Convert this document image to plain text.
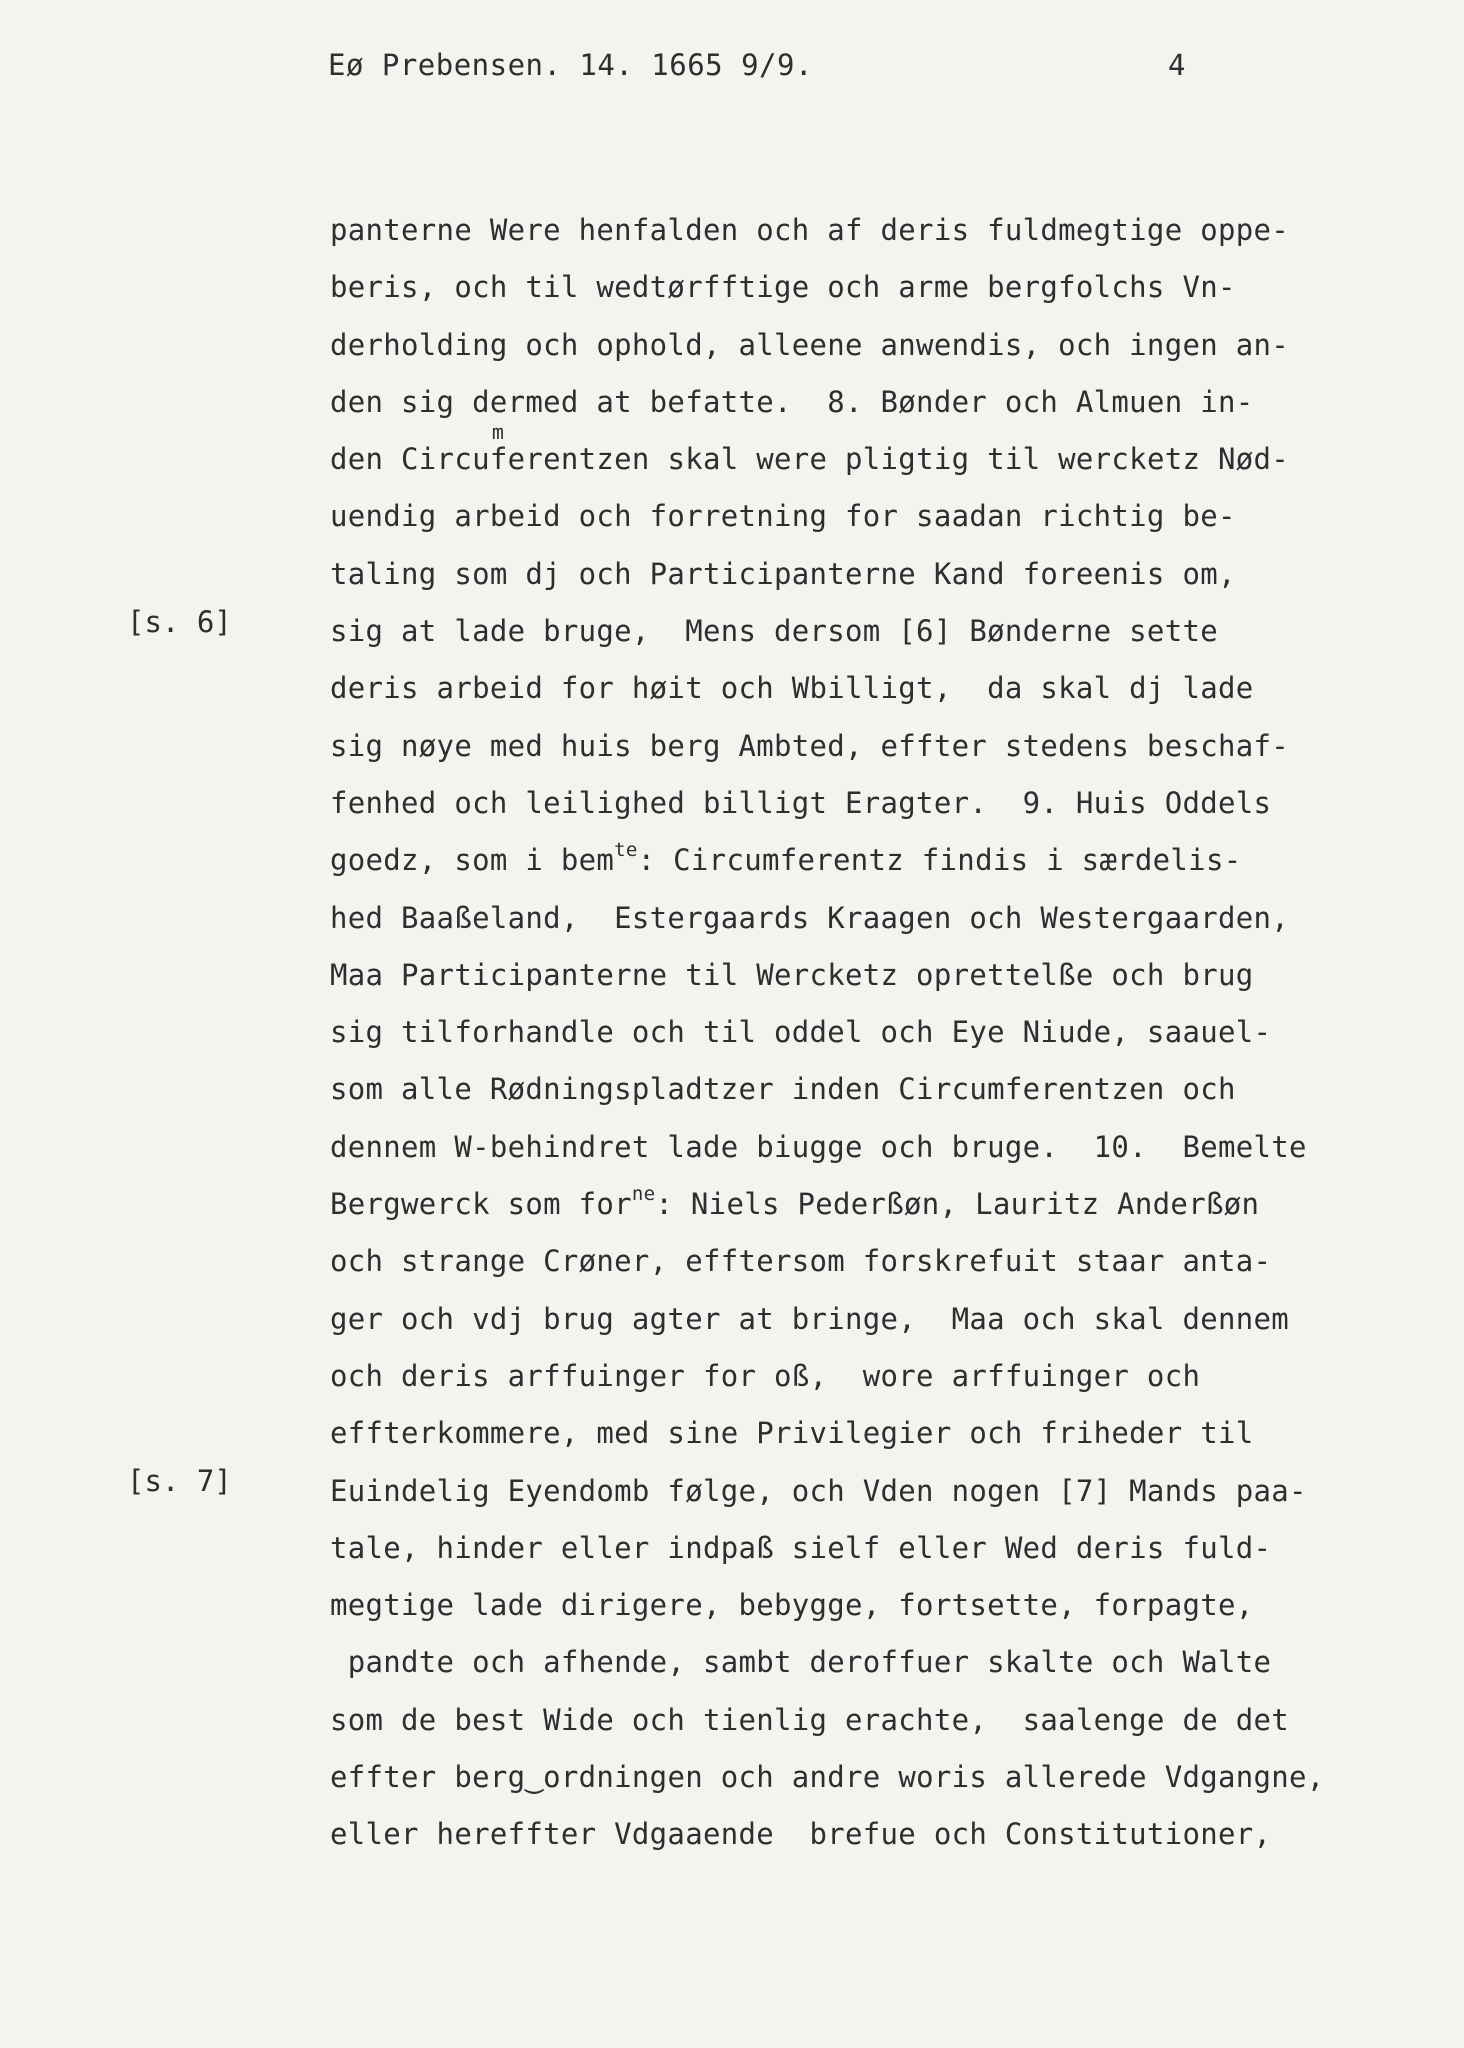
Eø Prebensen. 14. 1665 9/9.	4
[s. 6]
[s. 7]
panterne Were henfalden och af deris fuldmegtige oppe-
beris, och til wedtørfftige och arme bergfolchs Vn-
derholding och ophold, alleene anwendis, och ingen an-
den sig dermed at befatte.  8. Bønder och Almuen in-
den Circu
m
ferentzen skal were pligtig til wercketz Nød-
uendig arbeid och forretning for saadan richtig be-
taling som dj och Participanterne Kand foreenis om,
sig at lade bruge,  Mens dersom [6] Bønderne sette
deris arbeid for høit och Wbilligt,  da skal dj lade
sig nøye med huis berg Ambted, effter stedens beschaf-
fenhed och leilighed billigt Eragter.  9. Huis Oddels
goedz, som i bem$^{te}$: Circumferentz findis i særdelis-
hed Baaßeland,  Estergaards Kraagen och Westergaarden,
Maa Participanterne til Wercketz oprettelße och brug
sig tilforhandle och til oddel och Eye Niude, saauel-
som alle Rødningspladtzer inden Circumferentzen och
dennem W-behindret lade biugge och bruge.  10.  Bemelte
Bergwerck som for$^{ne}$: Niels Pederßøn, Lauritz Anderßøn
och strange Crøner, efftersom forskrefuit staar anta-
ger och vdj brug agter at bringe,  Maa och skal dennem
och deris arffuinger for oß,  wore arffuinger och
effterkommere, med sine Privilegier och friheder til
Euindelig Eyendomb følge, och Vden nogen [7] Mands paa-
tale, hinder eller indpaß sielf eller Wed deris fuld-
megtige lade dirigere, bebygge, fortsette, forpagte,
pandte och afhende, sambt deroffuer skalte och Walte
som de best Wide och tienlig erachte,  saalenge de det
effter berg‿ordningen och andre woris allerede Vdgangne,
eller hereffter Vdgaaende  brefue och Constitutioner,
